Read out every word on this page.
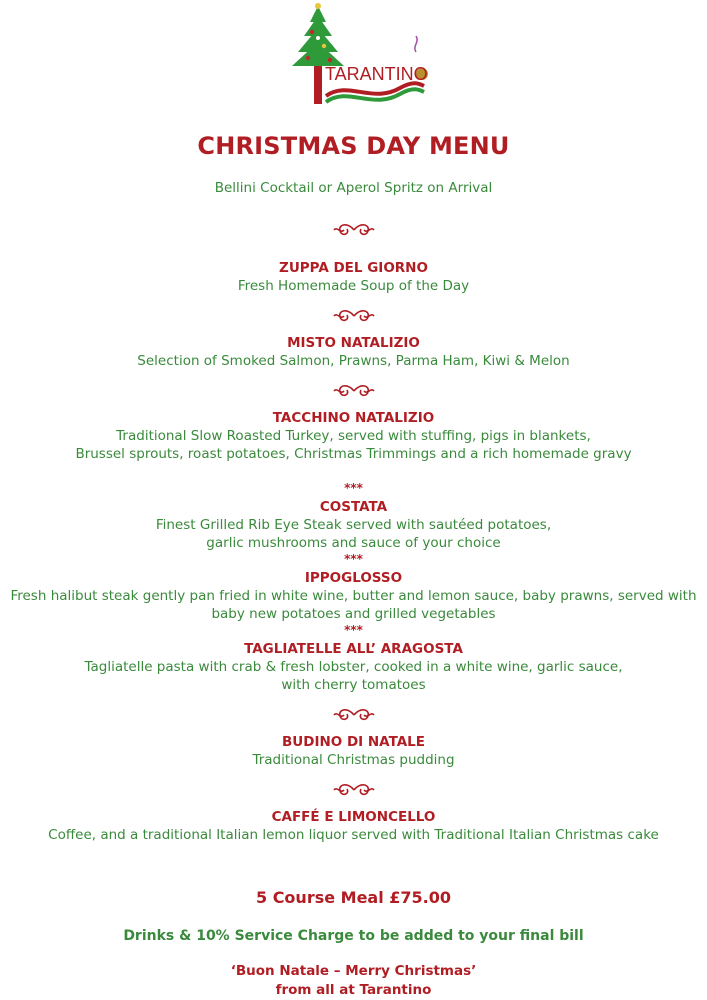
TARANTINO
CHRISTMAS DAY MENU
Bellini Cocktail or Aperol Spritz on Arrival
ZUPPA DEL GIORNO
Fresh Homemade Soup of the Day
MISTO NATALIZIO
Selection of Smoked Salmon, Prawns, Parma Ham, Kiwi & Melon
TACCHINO NATALIZIO
Traditional Slow Roasted Turkey, served with stuffing, pigs in blankets,
Brussel sprouts, roast potatoes, Christmas Trimmings and a rich homemade gravy
***
COSTATA
Finest Grilled Rib Eye Steak served with sautéed potatoes,
garlic mushrooms and sauce of your choice
***
IPPOGLOSSO
Fresh halibut steak gently pan fried in white wine, butter and lemon sauce, baby prawns, served with
baby new potatoes and grilled vegetables
***
TAGLIATELLE ALL’ ARAGOSTA
Tagliatelle pasta with crab & fresh lobster, cooked in a white wine, garlic sauce,
with cherry tomatoes
BUDINO DI NATALE
Traditional Christmas pudding
CAFFÉ E LIMONCELLO
Coffee, and a traditional Italian lemon liquor served with Traditional Italian Christmas cake
5 Course Meal £75.00
Drinks & 10% Service Charge to be added to your final bill
‘Buon Natale – Merry Christmas’
from all at Tarantino
